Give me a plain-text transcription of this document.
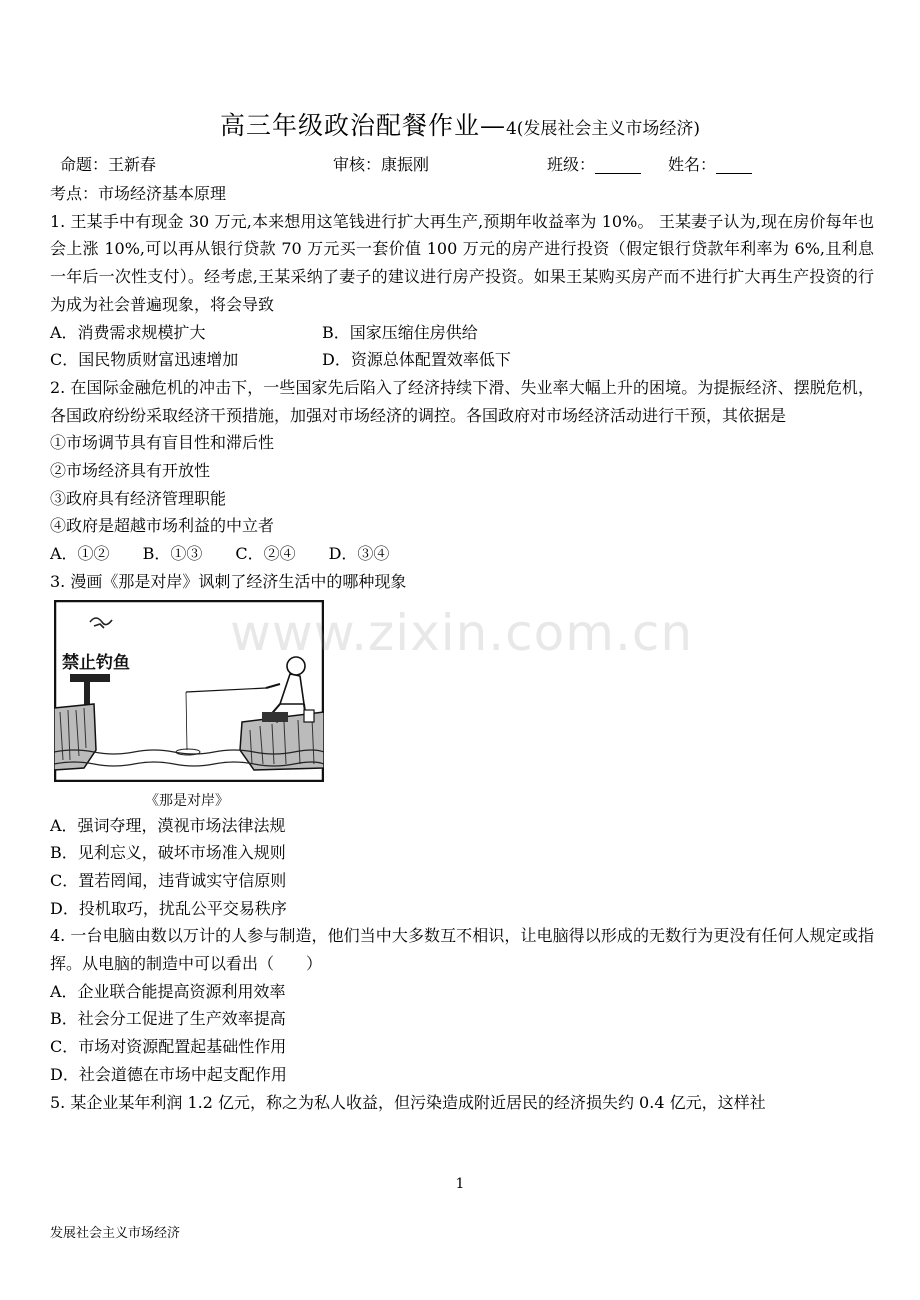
高三年级政治配餐作业—4(发展社会主义市场经济)
命题：王新春	审核：康振刚	班级：	姓名：

考点：市场经济基本原理

1. 王某手中有现金 30 万元,本来想用这笔钱进行扩大再生产,预期年收益率为 10%。 王某妻子认为,现在房价每年也会上涨 10%,可以再从银行贷款 70 万元买一套价值 100 万元的房产进行投资（假定银行贷款年利率为 6%,且利息一年后一次性支付）。经考虑,王某采纳了妻子的建议进行房产投资。如果王某购买房产而不进行扩大再生产投资的行为成为社会普遍现象，将会导致

A．消费需求规模扩大	B．国家压缩住房供给
C．国民物质财富迅速增加	D．资源总体配置效率低下

2. 在国际金融危机的冲击下，一些国家先后陷入了经济持续下滑、失业率大幅上升的困境。为提振经济、摆脱危机，各国政府纷纷采取经济干预措施，加强对市场经济的调控。各国政府对市场经济活动进行干预，其依据是

①市场调节具有盲目性和滞后性

②市场经济具有开放性

③政府具有经济管理职能

④政府是超越市场利益的中立者

A．①② B．①③ C．②④ D．③④

3. 漫画《那是对岸》讽刺了经济生活中的哪种现象

禁止钓鱼
《那是对岸》

A．强词夺理，漠视市场法律法规

B．见利忘义，破坏市场准入规则

C．置若罔闻，违背诚实守信原则

D．投机取巧，扰乱公平交易秩序

4. 一台电脑由数以万计的人参与制造，他们当中大多数互不相识，让电脑得以形成的无数行为更没有任何人规定或指挥。从电脑的制造中可以看出（　　）

A．企业联合能提高资源利用效率

B．社会分工促进了生产效率提高

C．市场对资源配置起基础性作用

D．社会道德在市场中起支配作用

5. 某企业某年利润 1.2 亿元，称之为私人收益，但污染造成附近居民的经济损失约 0.4 亿元，这样社

www.zixin.com.cn
1
发展社会主义市场经济
